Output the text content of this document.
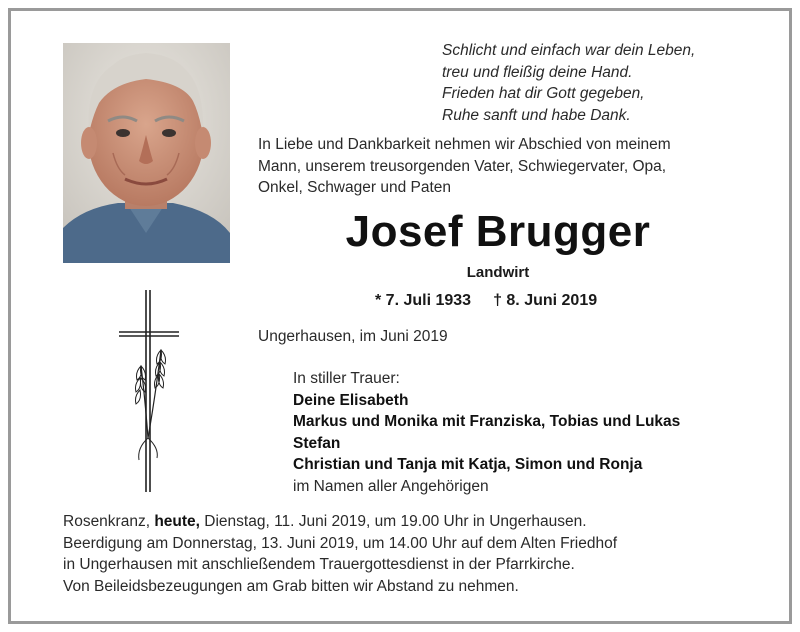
Schlicht und einfach war dein Leben,
treu und fleißig deine Hand.
Frieden hat dir Gott gegeben,
Ruhe sanft und habe Dank.
In Liebe und Dankbarkeit nehmen wir Abschied von meinem
Mann, unserem treusorgenden Vater, Schwiegervater, Opa,
Onkel, Schwager und Paten
Josef Brugger
Landwirt
* 7. Juli 1933 † 8. Juni 2019
Ungerhausen, im Juni 2019
In stiller Trauer:
Deine Elisabeth
Markus und Monika mit Franziska, Tobias und Lukas
Stefan
Christian und Tanja mit Katja, Simon und Ronja
im Namen aller Angehörigen
Rosenkranz, heute, Dienstag, 11. Juni 2019, um 19.00 Uhr in Ungerhausen.
Beerdigung am Donnerstag, 13. Juni 2019, um 14.00 Uhr auf dem Alten Friedhof
in Ungerhausen mit anschließendem Trauergottesdienst in der Pfarrkirche.
Von Beileidsbezeugungen am Grab bitten wir Abstand zu nehmen.
